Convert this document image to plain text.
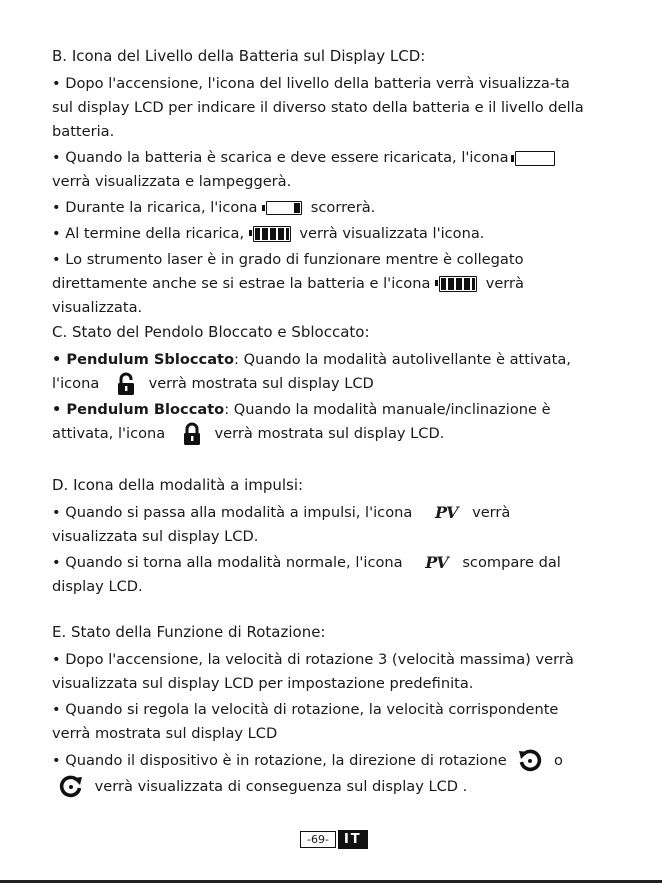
B. Icona del Livello della Batteria sul Display LCD:

• Dopo l'accensione, l'icona del livello della batteria verrà visualizza-ta sul display LCD per indicare il diverso stato della batteria e il livello della batteria.

• Quando la batteria è scarica e deve essere ricaricata, l'icona
verrà visualizzata e lampeggerà.

• Durante la ricarica, l'icona	scorrerà.

• Al termine della ricarica,	verrà visualizzata l'icona.

• Lo strumento laser è in grado di funzionare mentre è collegato direttamente anche se si estrae la batteria e l'icona	verrà visualizzata.

C. Stato del Pendolo Bloccato e Sbloccato:

• Pendulum Sbloccato: Quando la modalità autolivellante è attivata, l'icona	verrà mostrata sul display LCD

• Pendulum Bloccato: Quando la modalità manuale/inclinazione è attivata, l'icona	verrà mostrata sul display LCD.

D. Icona della modalità a impulsi:

• Quando si passa alla modalità a impulsi, l'icona PV verrà visualizzata sul display LCD.

• Quando si torna alla modalità normale, l'icona PV scompare dal display LCD.

E. Stato della Funzione di Rotazione:

• Dopo l'accensione, la velocità di rotazione 3 (velocità massima) verrà visualizzata sul display LCD per impostazione predefinita.

• Quando si regola la velocità di rotazione, la velocità corrispondente verrà mostrata sul display LCD

• Quando il dispositivo è in rotazione, la direzione di rotazione	o
verrà visualizzata di conseguenza sul display LCD .

-69-	IT
